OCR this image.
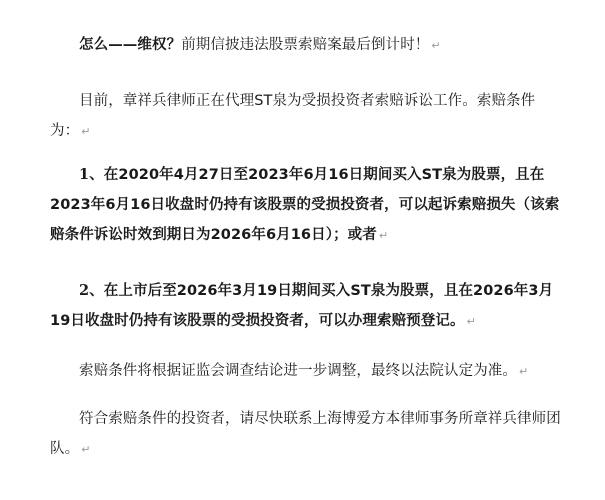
怎么——维权？前期信披违法股票索赔案最后倒计时！ ↵
目前，章祥兵律师正在代理ST泉为受损投资者索赔诉讼工作。索赔条件为： ↵
1、在2020年4月27日至2023年6月16日期间买入ST泉为股票，且在2023年6月16日收盘时仍持有该股票的受损投资者，可以起诉索赔损失（该索赔条件诉讼时效到期日为2026年6月16日）；或者 ↵
2、在上市后至2026年3月19日期间买入ST泉为股票，且在2026年3月19日收盘时仍持有该股票的受损投资者，可以办理索赔预登记。 ↵
索赔条件将根据证监会调查结论进一步调整，最终以法院认定为准。 ↵
符合索赔条件的投资者，请尽快联系上海博爱方本律师事务所章祥兵律师团队。 ↵
